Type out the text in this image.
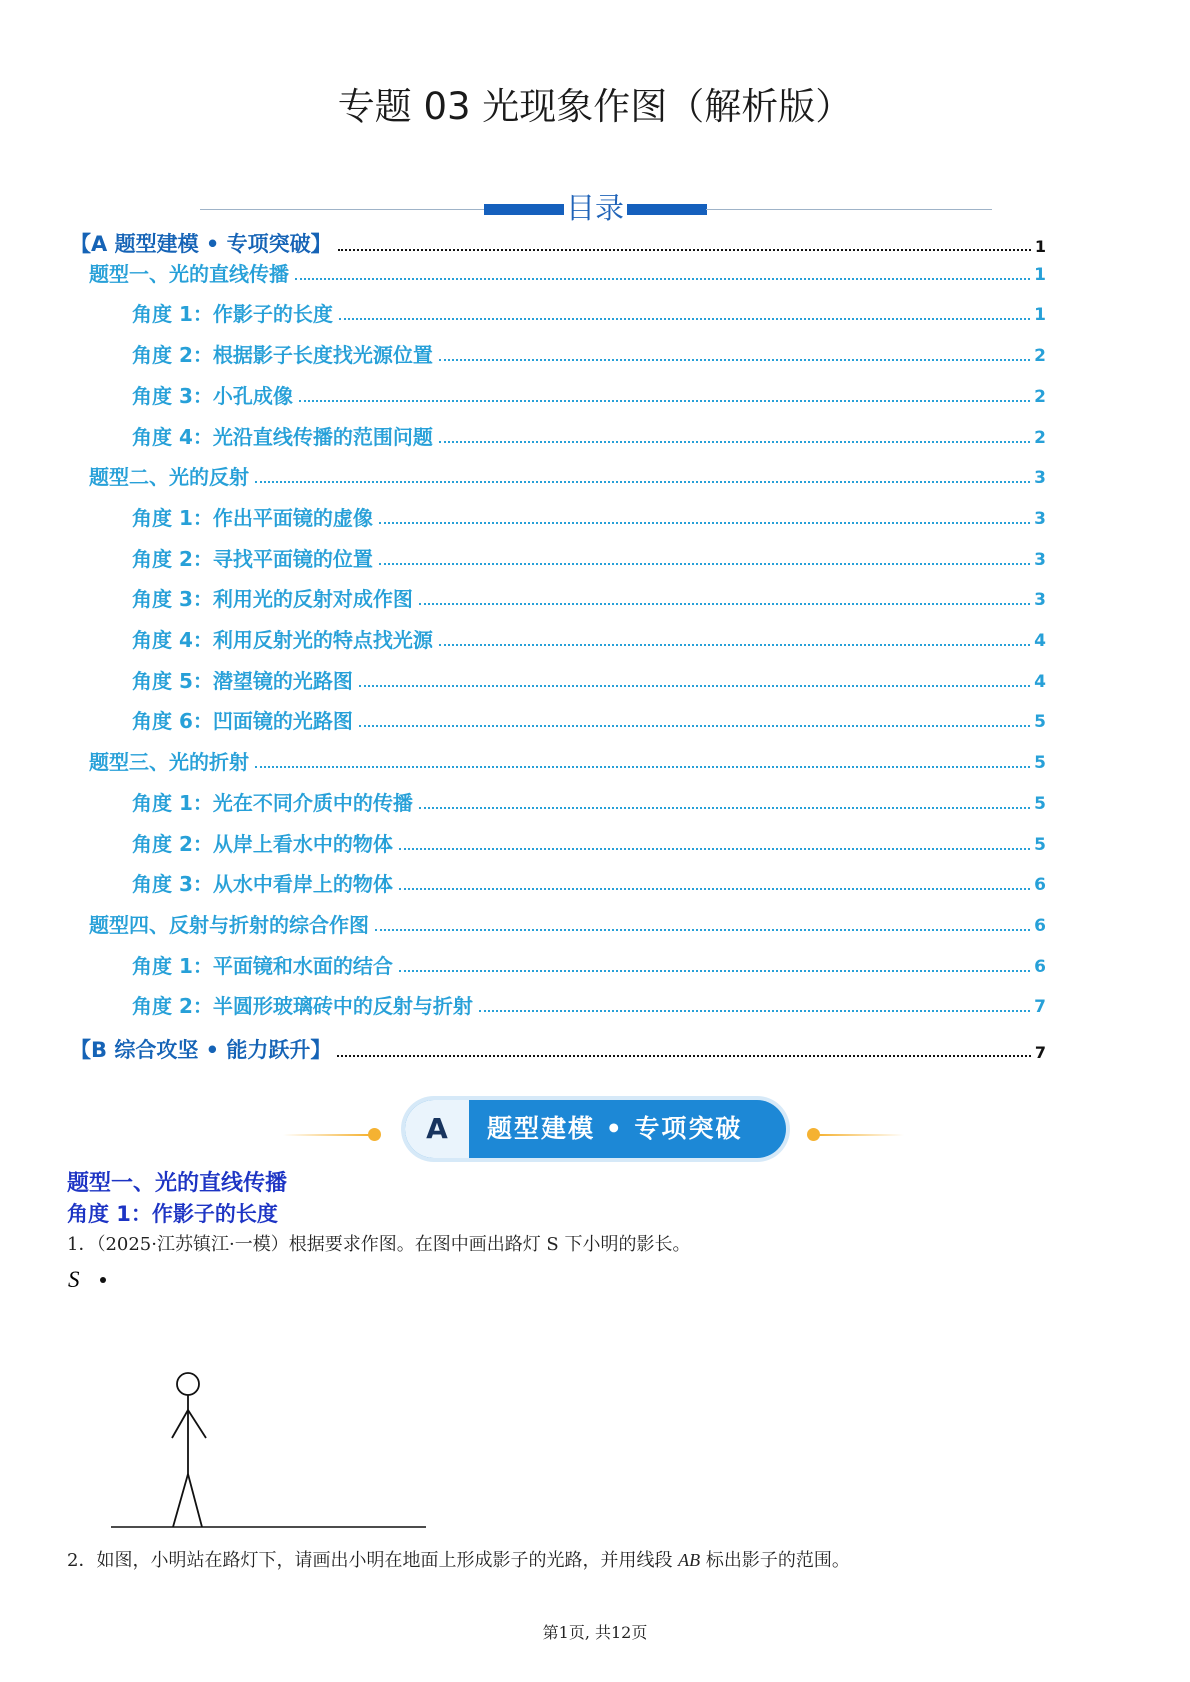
专题 03 光现象作图（解析版）
目录
【A 题型建模 • 专项突破】	1
题型一、光的直线传播	1
角度 1：作影子的长度	1
角度 2：根据影子长度找光源位置	2
角度 3：小孔成像	2
角度 4：光沿直线传播的范围问题	2
题型二、光的反射	3
角度 1：作出平面镜的虚像	3
角度 2：寻找平面镜的位置	3
角度 3：利用光的反射对成作图	3
角度 4：利用反射光的特点找光源	4
角度 5：潜望镜的光路图	4
角度 6：凹面镜的光路图	5
题型三、光的折射	5
角度 1：光在不同介质中的传播	5
角度 2：从岸上看水中的物体	5
角度 3：从水中看岸上的物体	6
题型四、反射与折射的综合作图	6
角度 1：平面镜和水面的结合	6
角度 2：半圆形玻璃砖中的反射与折射	7
【B 综合攻坚 • 能力跃升】	7
A	题型建模 • 专项突破
题型一、光的直线传播
角度 1：作影子的长度
1．（2025·江苏镇江·一模）根据要求作图。在图中画出路灯 S 下小明的影长。
S
2．如图，小明站在路灯下，请画出小明在地面上形成影子的光路，并用线段 AB 标出影子的范围。
第1页, 共12页
